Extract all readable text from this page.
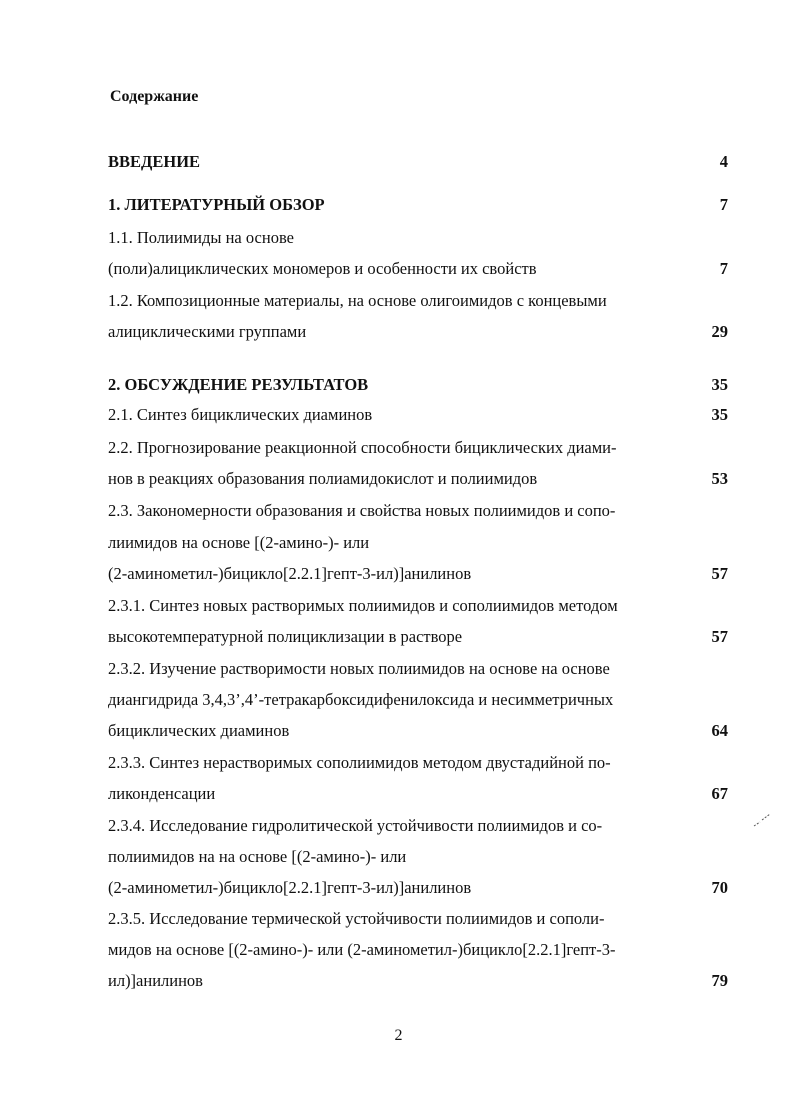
Содержание
ВВЕДЕНИЕ	4
1. ЛИТЕРАТУРНЫЙ ОБЗОР	7
1.1. Полиимиды на основе
(поли)алициклических мономеров и особенности их свойств	7
1.2. Композиционные материалы, на основе олигоимидов с концевыми
алициклическими группами	29
2. ОБСУЖДЕНИЕ РЕЗУЛЬТАТОВ	35
2.1. Синтез бициклических диаминов	35
2.2. Прогнозирование реакционной способности бициклических диами-
нов в реакциях образования полиамидокислот и полиимидов	53
2.3. Закономерности образования и свойства новых полиимидов и сопо-
лиимидов на основе [(2-амино-)- или
(2-аминометил-)бицикло[2.2.1]гепт-3-ил)]анилинов	57
2.3.1. Синтез новых растворимых полиимидов и сополиимидов методом
высокотемпературной полициклизации в растворе	57
2.3.2. Изучение растворимости новых полиимидов на основе на основе
диангидрида 3,4,3’,4’-тетракарбоксидифенилоксида и несимметричных
бициклических диаминов	64
2.3.3. Синтез нерастворимых сополиимидов методом двустадийной по-
ликонденсации	67
2.3.4. Исследование гидролитической устойчивости полиимидов и со-
полиимидов на на основе [(2-амино-)- или
(2-аминометил-)бицикло[2.2.1]гепт-3-ил)]анилинов	70
2.3.5. Исследование термической устойчивости полиимидов и сополи-
мидов на основе [(2-амино-)- или (2-аминометил-)бицикло[2.2.1]гепт-3-
ил)]анилинов	79
2
